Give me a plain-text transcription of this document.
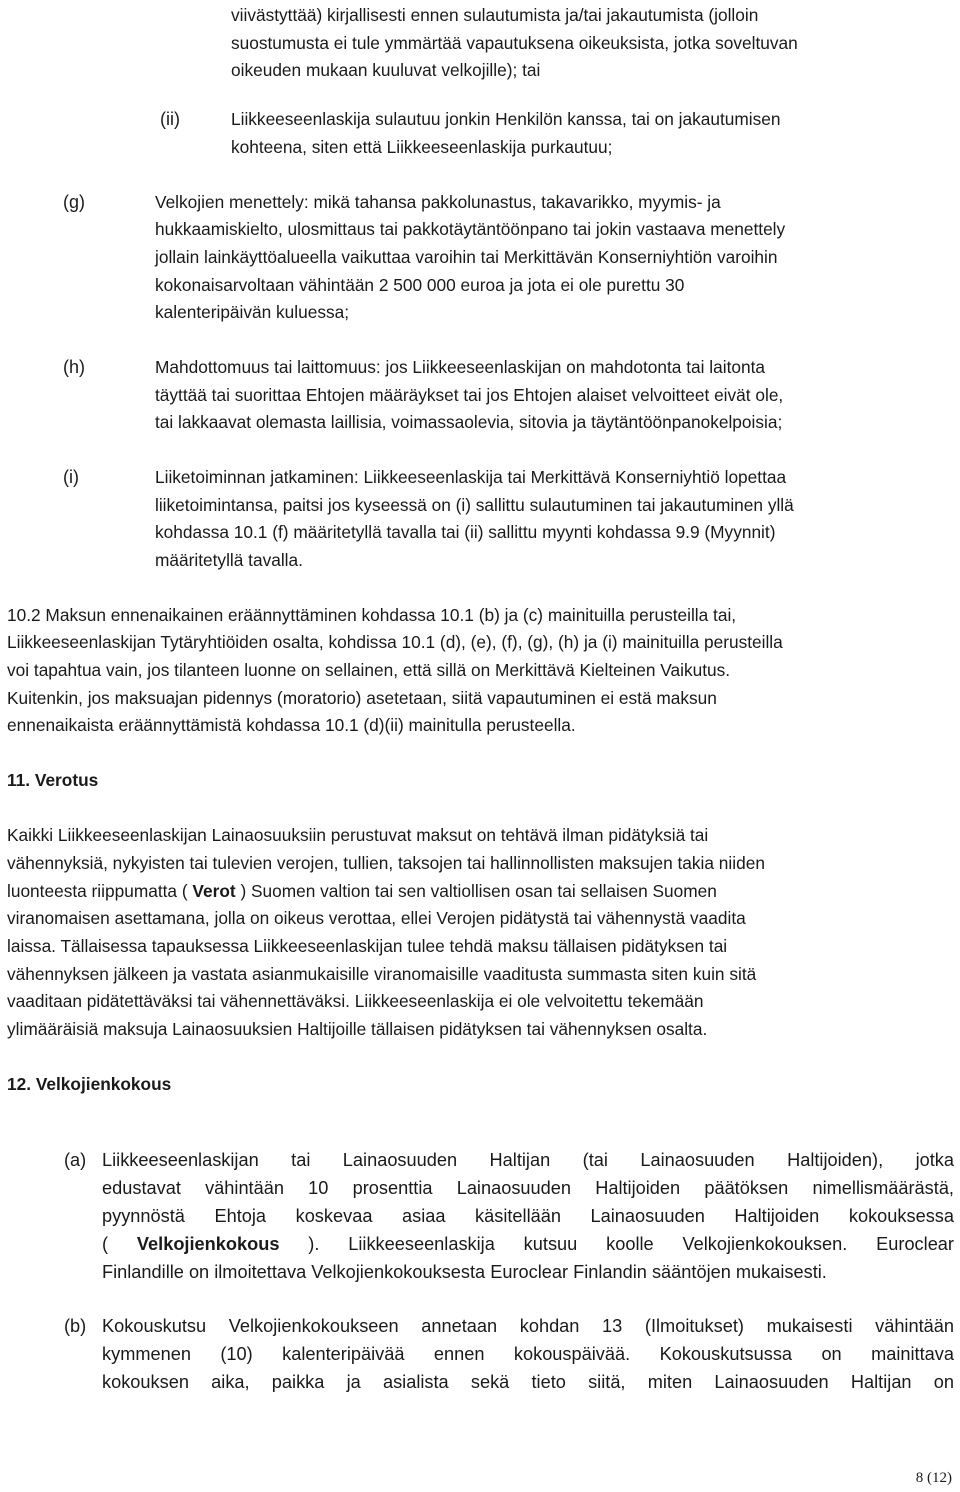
viivästyttää) kirjallisesti ennen sulautumista ja/tai jakautumista (jolloin
suostumusta ei tule ymmärtää vapautuksena oikeuksista, jotka soveltuvan
oikeuden mukaan kuuluvat velkojille); tai
(ii)	Liikkeeseenlaskija sulautuu jonkin Henkilön kanssa, tai on jakautumisen
kohteena, siten että Liikkeeseenlaskija purkautuu;
(g)	Velkojien menettely: mikä tahansa pakkolunastus, takavarikko, myymis- ja
hukkaamiskielto, ulosmittaus tai pakkotäytäntöönpano tai jokin vastaava menettely
jollain lainkäyttöalueella vaikuttaa varoihin tai Merkittävän Konserniyhtiön varoihin
kokonaisarvoltaan vähintään 2 500 000 euroa ja jota ei ole purettu 30
kalenteripäivän kuluessa;
(h)	Mahdottomuus tai laittomuus: jos Liikkeeseenlaskijan on mahdotonta tai laitonta
täyttää tai suorittaa Ehtojen määräykset tai jos Ehtojen alaiset velvoitteet eivät ole,
tai lakkaavat olemasta laillisia, voimassaolevia, sitovia ja täytäntöönpanokelpoisia;
(i)	Liiketoiminnan jatkaminen: Liikkeeseenlaskija tai Merkittävä Konserniyhtiö lopettaa
liiketoimintansa, paitsi jos kyseessä on (i) sallittu sulautuminen tai jakautuminen yllä
kohdassa 10.1 (f) määritetyllä tavalla tai (ii) sallittu myynti kohdassa 9.9 (Myynnit)
määritetyllä tavalla.
10.2 Maksun ennenaikainen eräännyttäminen kohdassa 10.1 (b) ja (c) mainituilla perusteilla tai,
Liikkeeseenlaskijan Tytäryhtiöiden osalta, kohdissa 10.1 (d), (e), (f), (g), (h) ja (i) mainituilla perusteilla
voi tapahtua vain, jos tilanteen luonne on sellainen, että sillä on Merkittävä Kielteinen Vaikutus.
Kuitenkin, jos maksuajan pidennys (moratorio) asetetaan, siitä vapautuminen ei estä maksun
ennenaikaista eräännyttämistä kohdassa 10.1 (d)(ii) mainitulla perusteella.
11. Verotus
Kaikki Liikkeeseenlaskijan Lainaosuuksiin perustuvat maksut on tehtävä ilman pidätyksiä tai
vähennyksiä, nykyisten tai tulevien verojen, tullien, taksojen tai hallinnollisten maksujen takia niiden
luonteesta riippumatta ( Verot ) Suomen valtion tai sen valtiollisen osan tai sellaisen Suomen
viranomaisen asettamana, jolla on oikeus verottaa, ellei Verojen pidätystä tai vähennystä vaadita
laissa. Tällaisessa tapauksessa Liikkeeseenlaskijan tulee tehdä maksu tällaisen pidätyksen tai
vähennyksen jälkeen ja vastata asianmukaisille viranomaisille vaaditusta summasta siten kuin sitä
vaaditaan pidätettäväksi tai vähennettäväksi. Liikkeeseenlaskija ei ole velvoitettu tekemään
ylimääräisiä maksuja Lainaosuuksien Haltijoille tällaisen pidätyksen tai vähennyksen osalta.
12. Velkojienkokous
(a) Liikkeeseenlaskijan tai Lainaosuuden Haltijan (tai Lainaosuuden Haltijoiden), jotka
edustavat vähintään 10 prosenttia Lainaosuuden Haltijoiden päätöksen nimellismäärästä,
pyynnöstä Ehtoja koskevaa asiaa käsitellään Lainaosuuden Haltijoiden kokouksessa
( Velkojienkokous ). Liikkeeseenlaskija kutsuu koolle Velkojienkokouksen. Euroclear
Finlandille on ilmoitettava Velkojienkokouksesta Euroclear Finlandin sääntöjen mukaisesti.
(b) Kokouskutsu Velkojienkokoukseen annetaan kohdan 13 (Ilmoitukset) mukaisesti vähintään
kymmenen (10) kalenteripäivää ennen kokouspäivää. Kokouskutsussa on mainittava
kokouksen aika, paikka ja asialista sekä tieto siitä, miten Lainaosuuden Haltijan on
8 (12)
